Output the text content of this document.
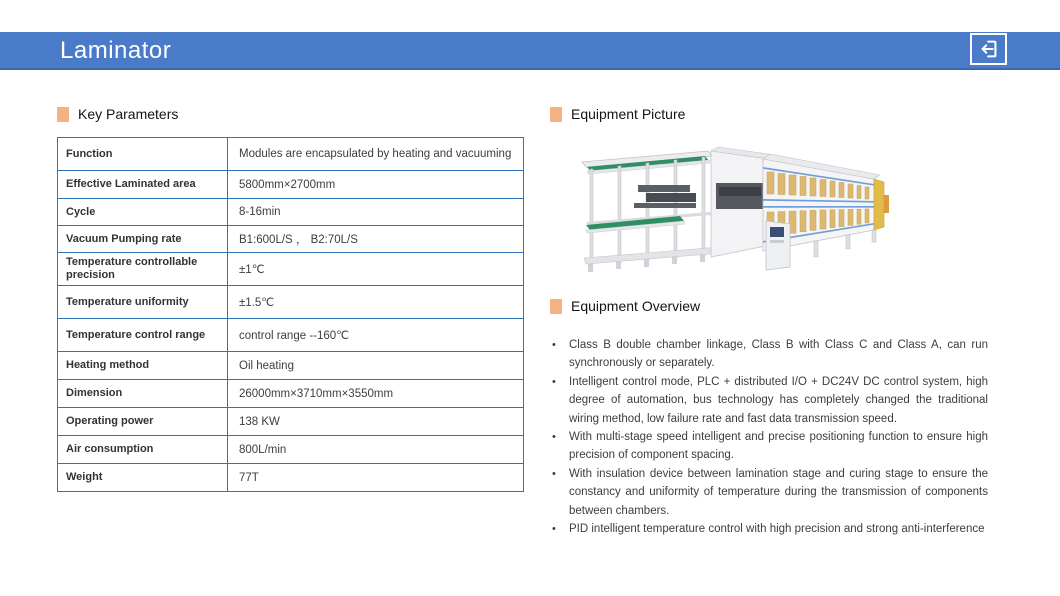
Laminator
Key Parameters
Function	Modules are encapsulated by heating and vacuuming
Effective Laminated area	5800mm×2700mm
Cycle	8-16min
Vacuum Pumping rate	B1:600L/S ， B2:70L/S
Temperature controllable precision	±1℃
Temperature uniformity	±1.5℃
Temperature control range	control range --160℃
Heating method	Oil heating
Dimension	26000mm×3710mm×3550mm
Operating power	138 KW
Air consumption	800L/min
Weight	77T
Equipment Picture
Equipment Overview
•	Class B double chamber linkage, Class B with Class C and Class A, can run synchronously or separately.
•	Intelligent control mode, PLC + distributed I/O + DC24V DC control system, high degree of automation, bus technology has completely changed the traditional wiring method, low failure rate and fast data transmission speed.
•	With multi-stage speed intelligent and precise positioning function to ensure high precision of component spacing.
•	With insulation device between lamination stage and curing stage to ensure the constancy and uniformity of temperature during the transmission of components between chambers.
•	PID intelligent temperature control with high precision and strong anti-interference
